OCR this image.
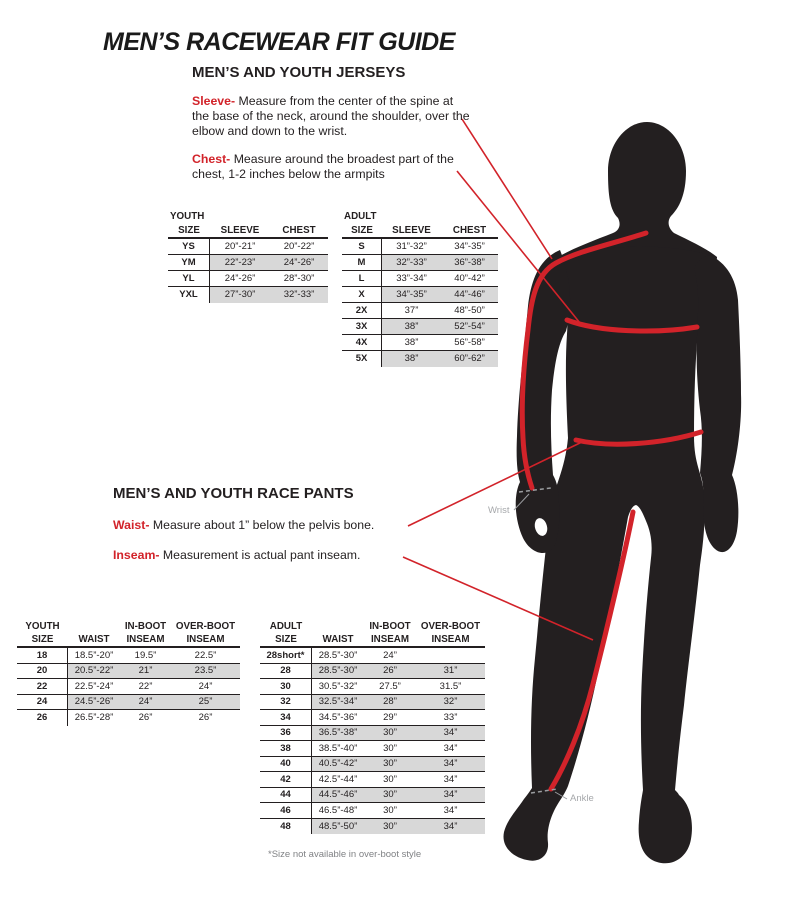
MEN’S RACEWEAR FIT GUIDE
MEN’S AND YOUTH JERSEYS
Sleeve- Measure from the center of the spine at the base of the neck, around the shoulder, over the elbow and down to the wrist.
Chest- Measure around the broadest part of the chest, 1-2 inches below the armpits
YOUTH
SIZE	SLEEVE	CHEST
YS	20”-21”	20”-22”
YM	22”-23”	24”-26”
YL	24”-26”	28”-30”
YXL	27”-30”	32”-33”
ADULT
SIZE	SLEEVE	CHEST
S	31”-32”	34”-35”
M	32”-33”	36”-38”
L	33”-34”	40”-42”
X	34”-35”	44”-46”
2X	37”	48”-50”
3X	38”	52”-54”
4X	38”	56”-58”
5X	38”	60”-62”
MEN’S AND YOUTH RACE PANTS
Waist- Measure about 1” below the pelvis bone.
Inseam- Measurement is actual pant inseam.
YOUTH	IN-BOOT OVER-BOOT
SIZE	WAIST	INSEAM	INSEAM
18	18.5”-20”	19.5”	22.5”
20	20.5”-22”	21”	23.5”
22	22.5”-24”	22”	24”
24	24.5”-26”	24”	25”
26	26.5”-28”	26”	26”
ADULT	IN-BOOT	OVER-BOOT
SIZE	WAIST	INSEAM	INSEAM
28short*	28.5”-30”	24”
28	28.5”-30”	26”	31”
30	30.5”-32”	27.5”	31.5”
32	32.5”-34”	28”	32”
34	34.5”-36”	29”	33”
36	36.5”-38”	30”	34”
38	38.5”-40”	30”	34”
40	40.5”-42”	30”	34”
42	42.5”-44”	30”	34”
44	44.5”-46”	30”	34”
46	46.5”-48”	30”	34”
48	48.5”-50”	30”	34”
*Size not available in over-boot style
Wrist
Ankle
